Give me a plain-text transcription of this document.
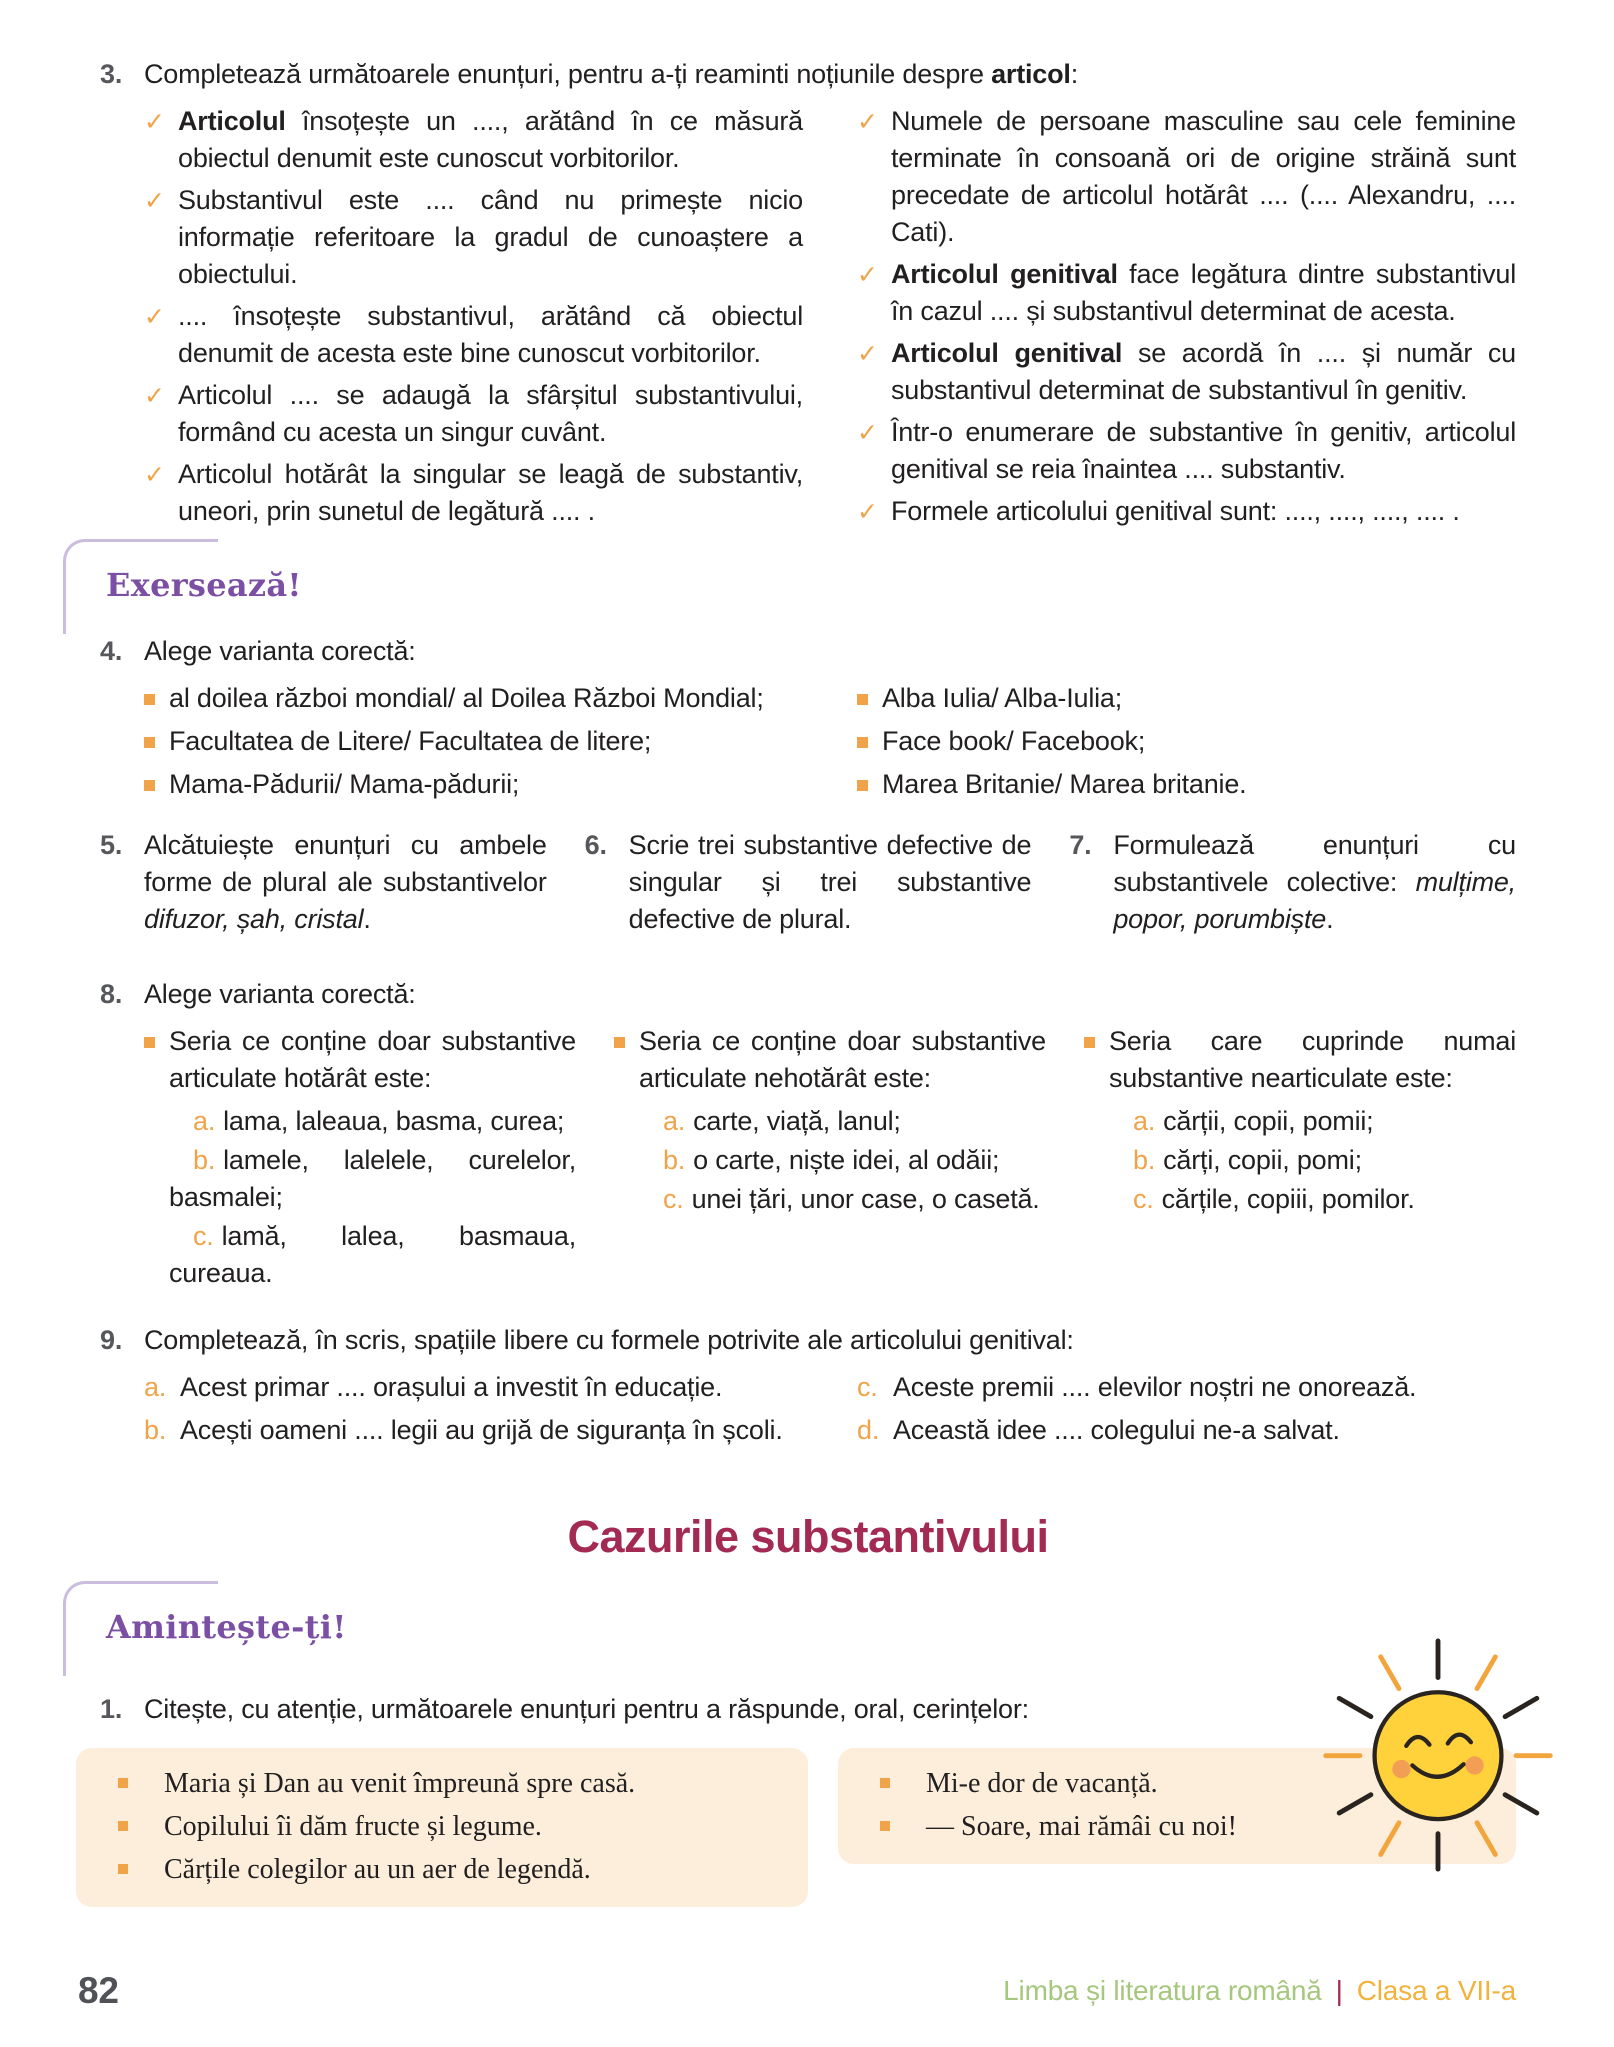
3. Completează următoarele enunțuri, pentru a-ți reaminti noțiunile despre articol:

✓ Articolul însoțește un ...., arătând în ce măsură obiectul denumit este cunoscut vorbitorilor.

✓ Substantivul este .... când nu primește nicio informație referitoare la gradul de cunoaștere a obiectului.

✓ .... însoțește substantivul, arătând că obiectul denumit de acesta este bine cunoscut vorbitorilor.

✓ Articolul .... se adaugă la sfârșitul substantivului, formând cu acesta un singur cuvânt.

✓ Articolul hotărât la singular se leagă de substantiv, uneori, prin sunetul de legătură .... .

✓ Numele de persoane masculine sau cele feminine terminate în consoană ori de origine străină sunt precedate de articolul hotărât .... (.... Alexandru, .... Cati).

✓ Articolul genitival face legătura dintre substantivul în cazul .... și substantivul determinat de acesta.

✓ Articolul genitival se acordă în .... și număr cu substantivul determinat de substantivul în genitiv.

✓ Într-o enumerare de substantive în genitiv, articolul genitival se reia înaintea .... substantiv.

✓ Formele articolului genitival sunt: ...., ...., ...., .... .

Exersează!
4. Alege varianta corectă:

al doilea război mondial/ al Doilea Război Mondial;

Facultatea de Litere/ Facultatea de litere;

Mama-Pădurii/ Mama-pădurii;

Alba Iulia/ Alba-Iulia;

Face book/ Facebook;

Marea Britanie/ Marea britanie.

5. Alcătuiește enunțuri cu ambele forme de plural ale substantivelor difuzor, șah, cristal.

6. Scrie trei substantive defective de singular și trei substantive defective de plural.

7. Formulează enunțuri cu substantivele colective: mulțime, popor, porumbiște.

8. Alege varianta corectă:

Seria ce conține doar substantive articulate hotărât este:

a. lama, laleaua, basma, curea;

b. lamele, lalelele, curelelor, basmalei;

c. lamă, lalea, basmaua, cureaua.

Seria ce conține doar substantive articulate nehotărât este:

a. carte, viață, lanul;

b. o carte, niște idei, al odăii;

c. unei țări, unor case, o casetă.

Seria care cuprinde numai substantive nearticulate este:

a. cărții, copii, pomii;

b. cărți, copii, pomi;

c. cărțile, copiii, pomilor.

9. Completează, în scris, spațiile libere cu formele potrivite ale articolului genitival:

a. Acest primar .... orașului a investit în educație.

b. Acești oameni .... legii au grijă de siguranța în școli.

c. Aceste premii .... elevilor noștri ne onorează.

d. Această idee .... colegului ne-a salvat.

Cazurile substantivului
Amintește-ți!
1. Citește, cu atenție, următoarele enunțuri pentru a răspunde, oral, cerințelor:

Maria și Dan au venit împreună spre casă.

Copilului îi dăm fructe și legume.

Cărțile colegilor au un aer de legendă.

Mi-e dor de vacanță.

— Soare, mai rămâi cu noi!

82	Limba și literatura română | Clasa a VII-a
